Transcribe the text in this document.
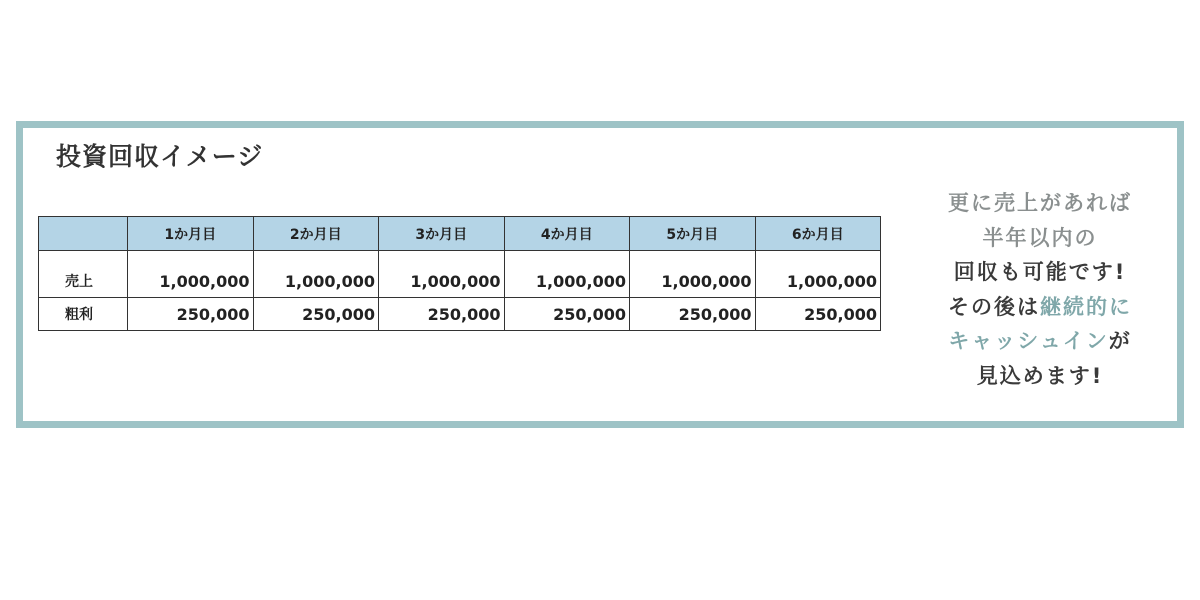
投資回収イメージ
	1か月目	2か月目	3か月目	4か月目	5か月目	6か月目
売上	1,000,000	1,000,000	1,000,000	1,000,000	1,000,000	1,000,000
粗利	250,000	250,000	250,000	250,000	250,000	250,000
更に売上があれば
半年以内の
回収も可能です!
その後は継続的に
キャッシュインが
見込めます!
